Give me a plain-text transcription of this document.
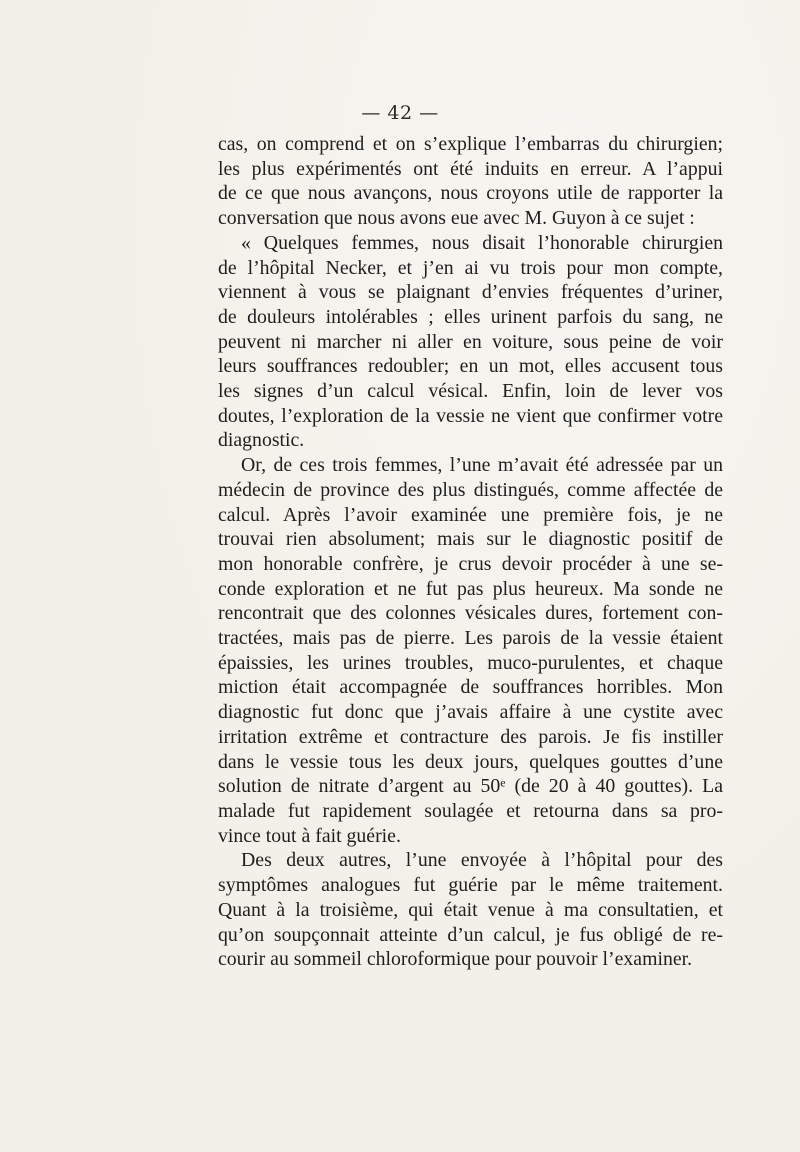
— 42 —

cas, on comprend et on s’explique l’embarras du chirurgien;
les plus expérimentés ont été induits en erreur. A l’appui
de ce que nous avançons, nous croyons utile de rapporter la
conversation que nous avons eue avec M. Guyon à ce sujet :

« Quelques femmes, nous disait l’honorable chirurgien
de l’hôpital Necker, et j’en ai vu trois pour mon compte,
viennent à vous se plaignant d’envies fréquentes d’uriner,
de douleurs intolérables ; elles urinent parfois du sang, ne
peuvent ni marcher ni aller en voiture, sous peine de voir
leurs souffrances redoubler; en un mot, elles accusent tous
les signes d’un calcul vésical. Enfin, loin de lever vos
doutes, l’exploration de la vessie ne vient que confirmer votre
diagnostic.

Or, de ces trois femmes, l’une m’avait été adressée par un
médecin de province des plus distingués, comme affectée de
calcul. Après l’avoir examinée une première fois, je ne
trouvai rien absolument; mais sur le diagnostic positif de
mon honorable confrère, je crus devoir procéder à une se-
conde exploration et ne fut pas plus heureux. Ma sonde ne
rencontrait que des colonnes vésicales dures, fortement con-
tractées, mais pas de pierre. Les parois de la vessie étaient
épaissies, les urines troubles, muco-purulentes, et chaque
miction était accompagnée de souffrances horribles. Mon
diagnostic fut donc que j’avais affaire à une cystite avec
irritation extrême et contracture des parois. Je fis instiller
dans le vessie tous les deux jours, quelques gouttes d’une
solution de nitrate d’argent au 50ᵉ (de 20 à 40 gouttes). La
malade fut rapidement soulagée et retourna dans sa pro-
vince tout à fait guérie.

Des deux autres, l’une envoyée à l’hôpital pour des
symptômes analogues fut guérie par le même traitement.
Quant à la troisième, qui était venue à ma consultatien, et
qu’on soupçonnait atteinte d’un calcul, je fus obligé de re-
courir au sommeil chloroformique pour pouvoir l’examiner.
